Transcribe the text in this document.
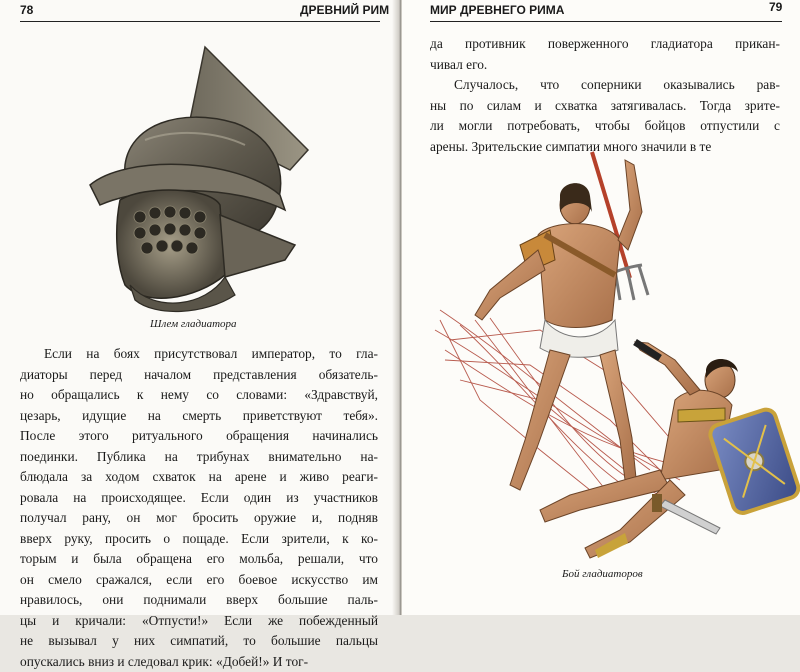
78	ДРЕВНИЙ РИМ
Шлем гладиатора
Если на боях присутствовал император, то гла-
диаторы перед началом представления обязатель-
но обращались к нему со словами: «Здравствуй,
цезарь, идущие на смерть приветствуют тебя».
После этого ритуального обращения начинались
поединки. Публика на трибунах внимательно на-
блюдала за ходом схваток на арене и живо реаги-
ровала на происходящее. Если один из участников
получал рану, он мог бросить оружие и, подняв
вверх руку, просить о пощаде. Если зрители, к ко-
торым и была обращена его мольба, решали, что
он смело сражался, если его боевое искусство им
нравилось, они поднимали вверх большие паль-
цы и кричали: «Отпусти!» Если же побежденный
не вызывал у них симпатий, то большие пальцы
опускались вниз и следовал крик: «Добей!» И тог-
МИР ДРЕВНЕГО РИМА	79
да противник поверженного гладиатора прикан-
чивал его.
Случалось, что соперники оказывались рав-
ны по силам и схватка затягивалась. Тогда зрите-
ли могли потребовать, чтобы бойцов отпустили с
арены. Зрительские симпатии много значили в те
Бой гладиаторов
